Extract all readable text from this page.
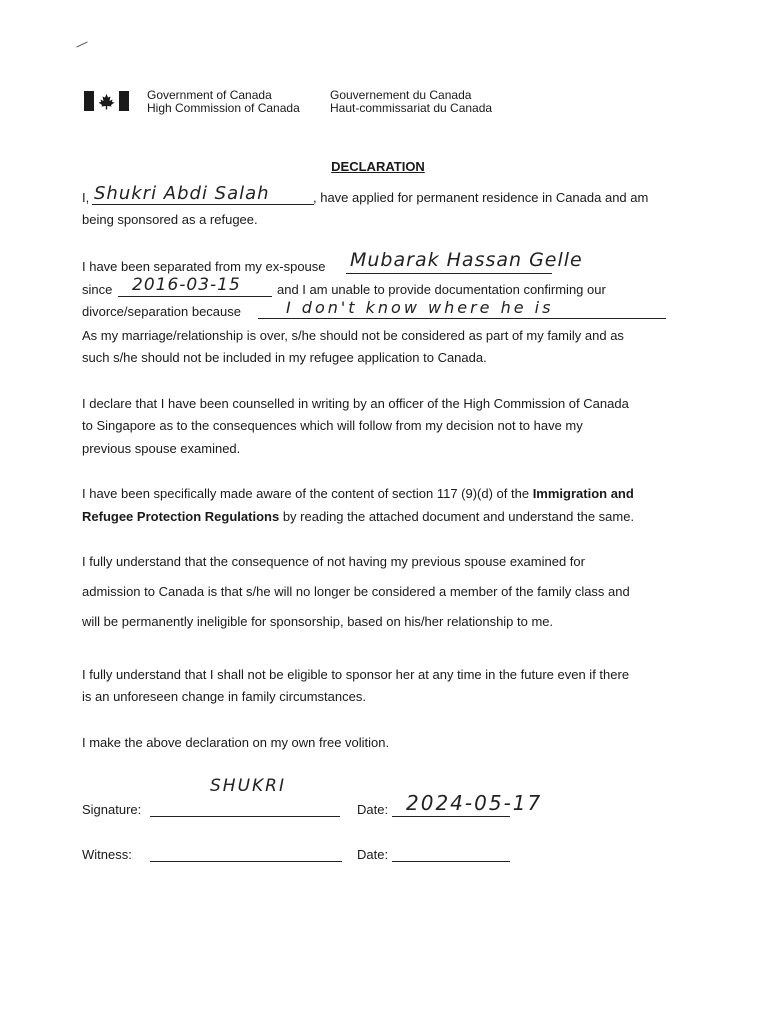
Government of Canada
High Commission of Canada
Gouvernement du Canada
Haut-commissariat du Canada
DECLARATION
I, Shukri Abdi Salah	, have applied for permanent residence in Canada and am
being sponsored as a refugee.
I have been separated from my ex-spouse Mubarak Hassan Gelle
since 2016-03-15	and I am unable to provide documentation confirming our
divorce/separation because	I don't know where he is
As my marriage/relationship is over, s/he should not be considered as part of my family and as
such s/he should not be included in my refugee application to Canada.
I declare that I have been counselled in writing by an officer of the High Commission of Canada
to Singapore as to the consequences which will follow from my decision not to have my
previous spouse examined.
I have been specifically made aware of the content of section 117 (9)(d) of the Immigration and
Refugee Protection Regulations by reading the attached document and understand the same.
I fully understand that the consequence of not having my previous spouse examined for
admission to Canada is that s/he will no longer be considered a member of the family class and
will be permanently ineligible for sponsorship, based on his/her relationship to me.
I fully understand that I shall not be eligible to sponsor her at any time in the future even if there
is an unforeseen change in family circumstances.
I make the above declaration on my own free volition.
SHUKRI
Signature:	Date: 2024-05-17
Witness:	Date:
